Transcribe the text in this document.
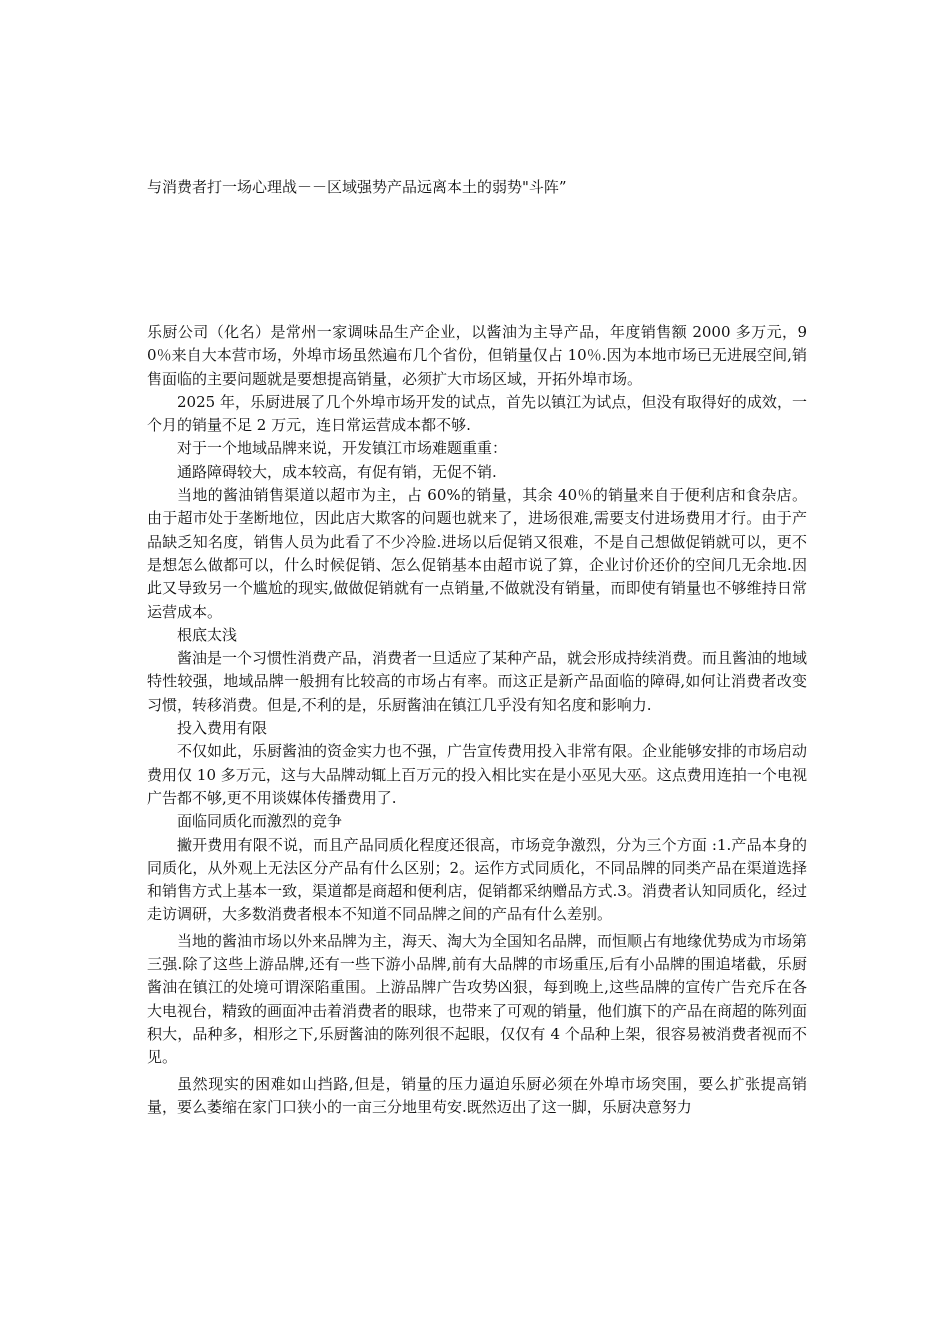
与消费者打一场心理战－－区域强势产品远离本土的弱势"斗阵”

乐厨公司（化名）是常州一家调味品生产企业，以酱油为主导产品，年度销售额 2000 多万元，90％来自大本营市场，外埠市场虽然遍布几个省份，但销量仅占 10％.因为本地市场已无进展空间,销售面临的主要问题就是要想提高销量，必须扩大市场区域，开拓外埠市场。

2025 年，乐厨进展了几个外埠市场开发的试点，首先以镇江为试点，但没有取得好的成效，一个月的销量不足 2 万元，连日常运营成本都不够.

对于一个地域品牌来说，开发镇江市场难题重重：

通路障碍较大，成本较高，有促有销，无促不销.

当地的酱油销售渠道以超市为主，占 60%的销量，其余 40％的销量来自于便利店和食杂店。由于超市处于垄断地位，因此店大欺客的问题也就来了，进场很难,需要支付进场费用才行。由于产品缺乏知名度，销售人员为此看了不少冷脸.进场以后促销又很难，不是自己想做促销就可以，更不是想怎么做都可以，什么时候促销、怎么促销基本由超市说了算，企业讨价还价的空间几无余地.因此又导致另一个尴尬的现实,做做促销就有一点销量,不做就没有销量，而即使有销量也不够维持日常运营成本。

根底太浅

酱油是一个习惯性消费产品，消费者一旦适应了某种产品，就会形成持续消费。而且酱油的地域特性较强，地域品牌一般拥有比较高的市场占有率。而这正是新产品面临的障碍,如何让消费者改变习惯，转移消费。但是,不利的是，乐厨酱油在镇江几乎没有知名度和影响力.

投入费用有限

不仅如此，乐厨酱油的资金实力也不强，广告宣传费用投入非常有限。企业能够安排的市场启动费用仅 10 多万元，这与大品牌动辄上百万元的投入相比实在是小巫见大巫。这点费用连拍一个电视广告都不够,更不用谈媒体传播费用了.

面临同质化而激烈的竞争

撇开费用有限不说，而且产品同质化程度还很高，市场竞争激烈，分为三个方面 :1.产品本身的同质化，从外观上无法区分产品有什么区别；2。运作方式同质化，不同品牌的同类产品在渠道选择和销售方式上基本一致，渠道都是商超和便利店，促销都采纳赠品方式.3。消费者认知同质化，经过走访调研，大多数消费者根本不知道不同品牌之间的产品有什么差别。

当地的酱油市场以外来品牌为主，海天、淘大为全国知名品牌，而恒顺占有地缘优势成为市场第三强.除了这些上游品牌,还有一些下游小品牌,前有大品牌的市场重压,后有小品牌的围追堵截，乐厨酱油在镇江的处境可谓深陷重围。上游品牌广告攻势凶狠，每到晚上,这些品牌的宣传广告充斥在各大电视台，精致的画面冲击着消费者的眼球，也带来了可观的销量，他们旗下的产品在商超的陈列面积大，品种多，相形之下,乐厨酱油的陈列很不起眼，仅仅有 4 个品种上架，很容易被消费者视而不见。

虽然现实的困难如山挡路,但是，销量的压力逼迫乐厨必须在外埠市场突围，要么扩张提高销量，要么萎缩在家门口狭小的一亩三分地里苟安.既然迈出了这一脚，乐厨决意努力
